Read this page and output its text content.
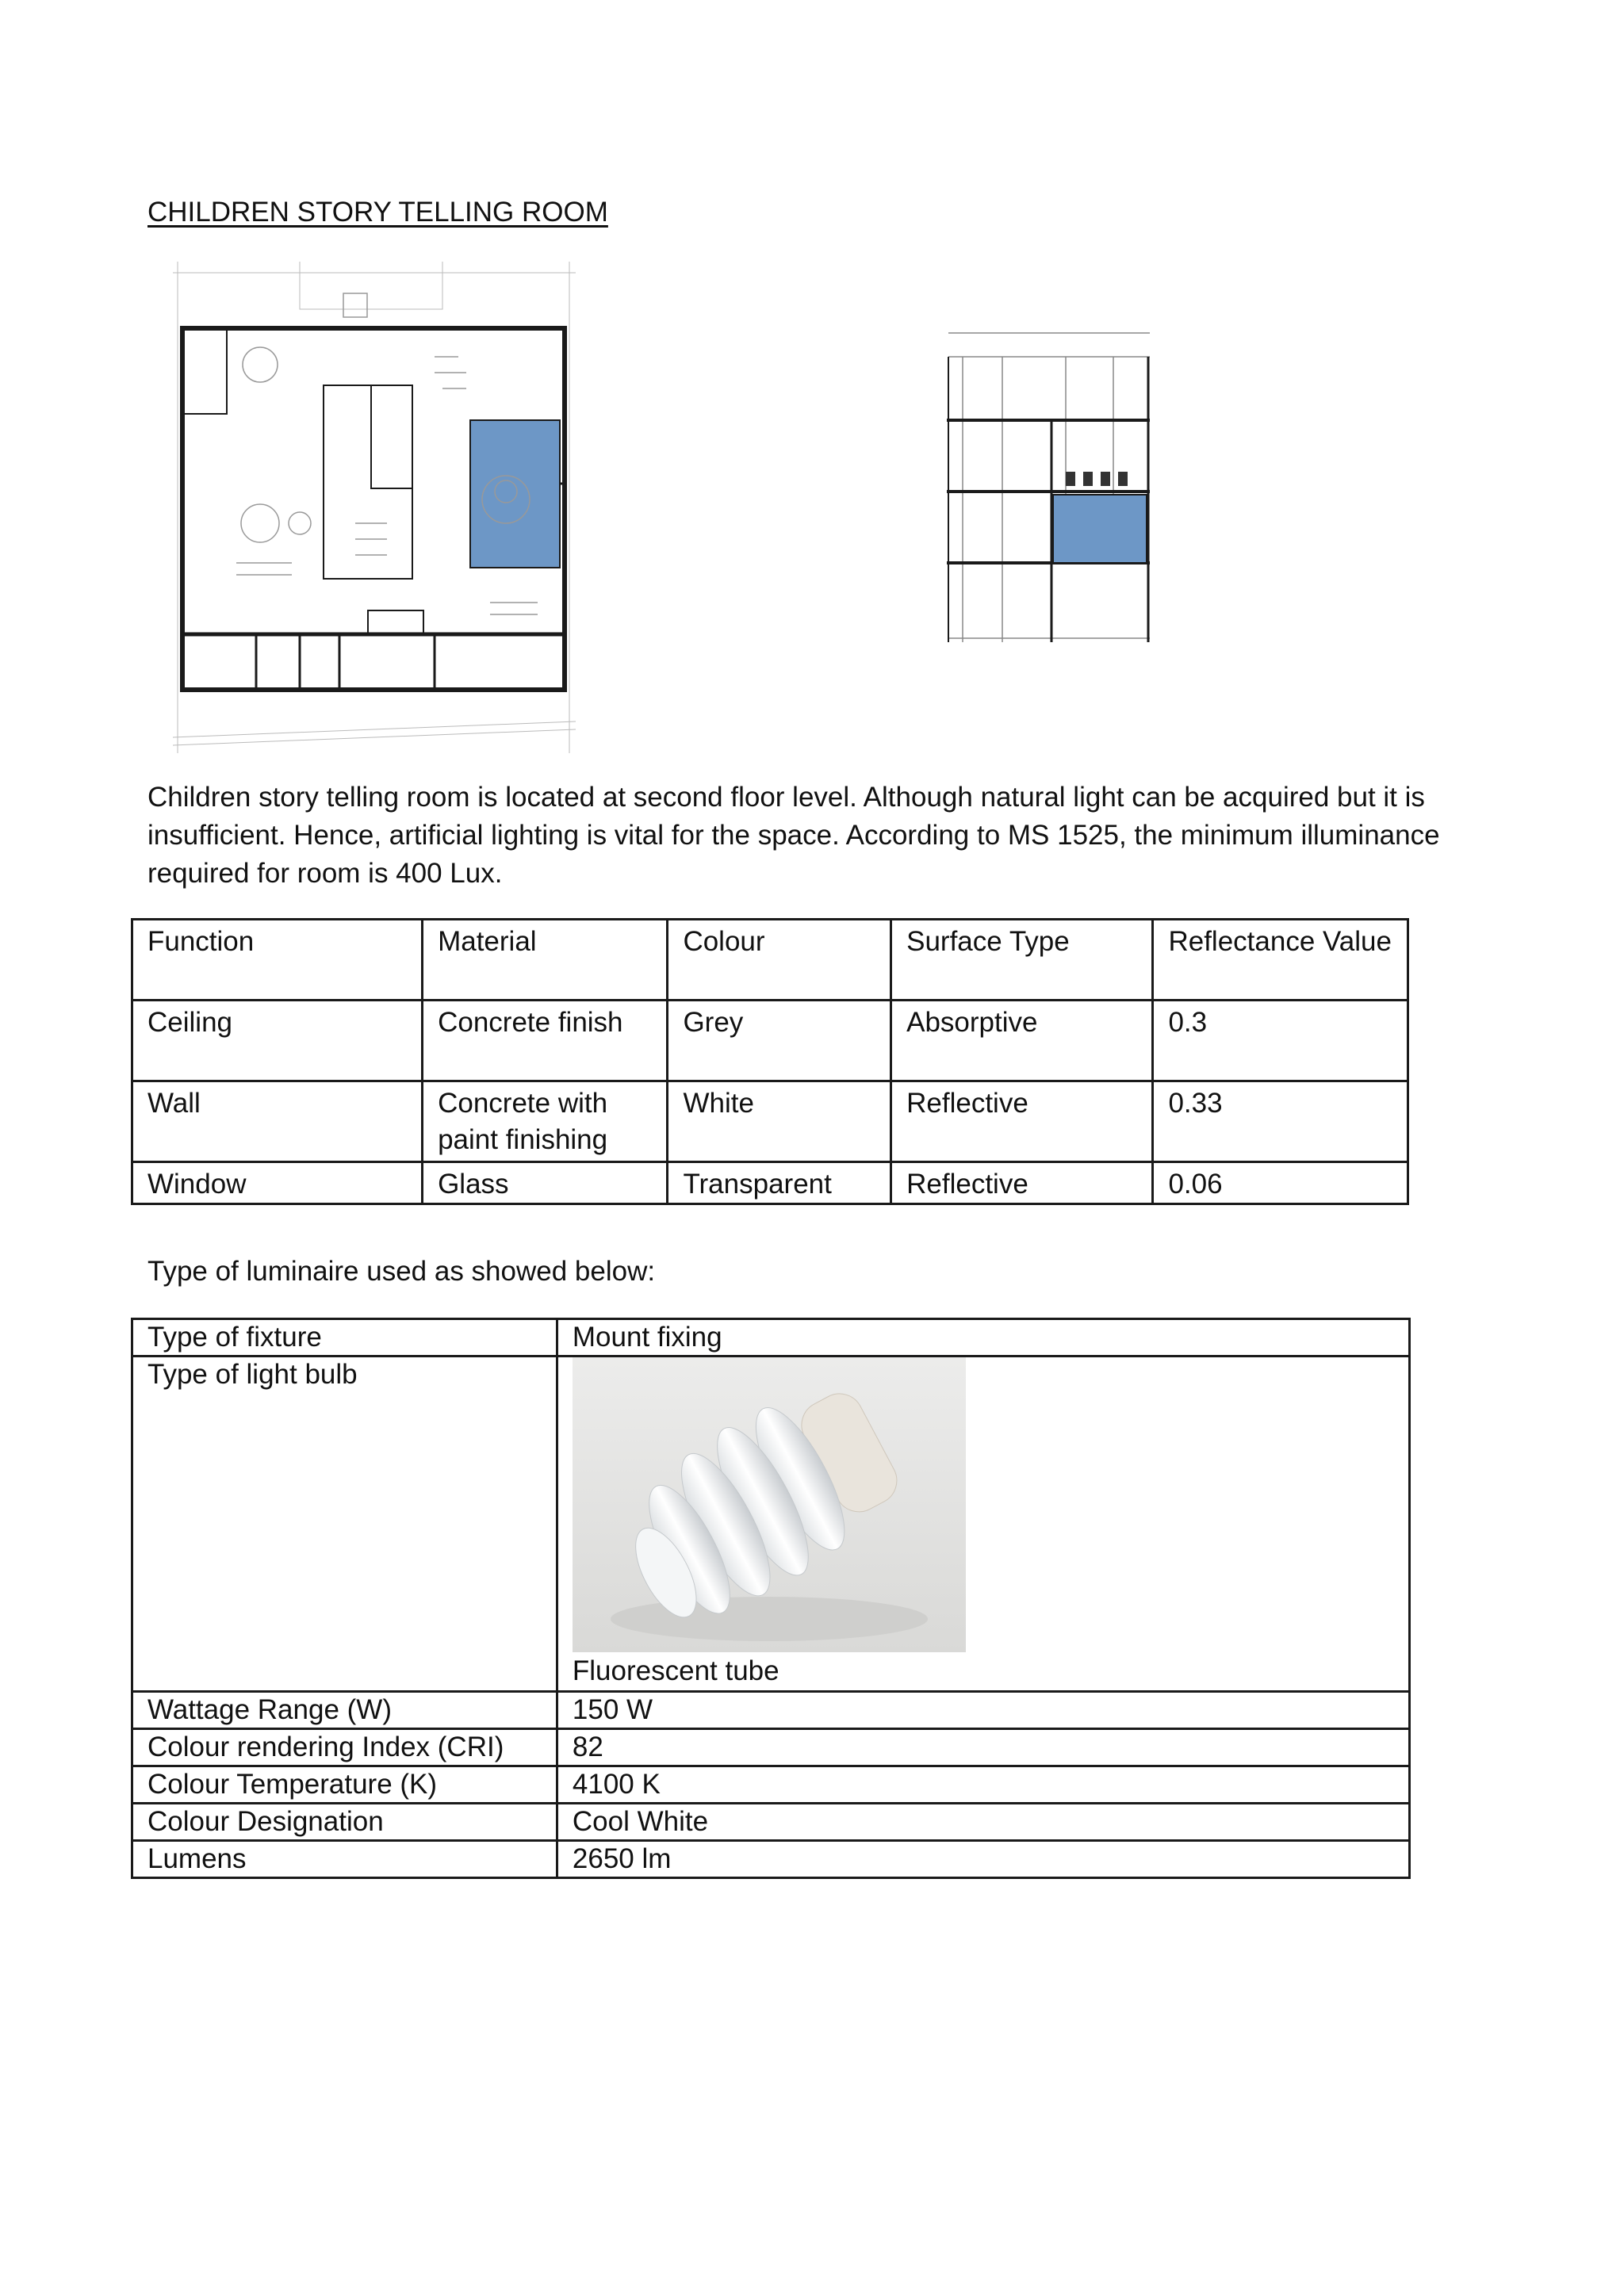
CHILDREN STORY TELLING ROOM
Children story telling room is located at second floor level. Although natural light can be acquired but it is insufficient. Hence, artificial lighting is vital for the space. According to MS 1525, the minimum illuminance required for room is 400 Lux.
Function	Material	Colour	Surface Type	Reflectance Value
Ceiling	Concrete finish	Grey	Absorptive	0.3
Wall	Concrete with paint finishing	White	Reflective	0.33
Window	Glass	Transparent	Reflective	0.06
Type of luminaire used as showed below:
Type of fixture	Mount fixing
Type of light bulb	Fluorescent tube

Wattage Range (W)	150 W
Colour rendering Index (CRI)	82
Colour Temperature (K)	4100 K
Colour Designation	Cool White
Lumens	2650 lm
